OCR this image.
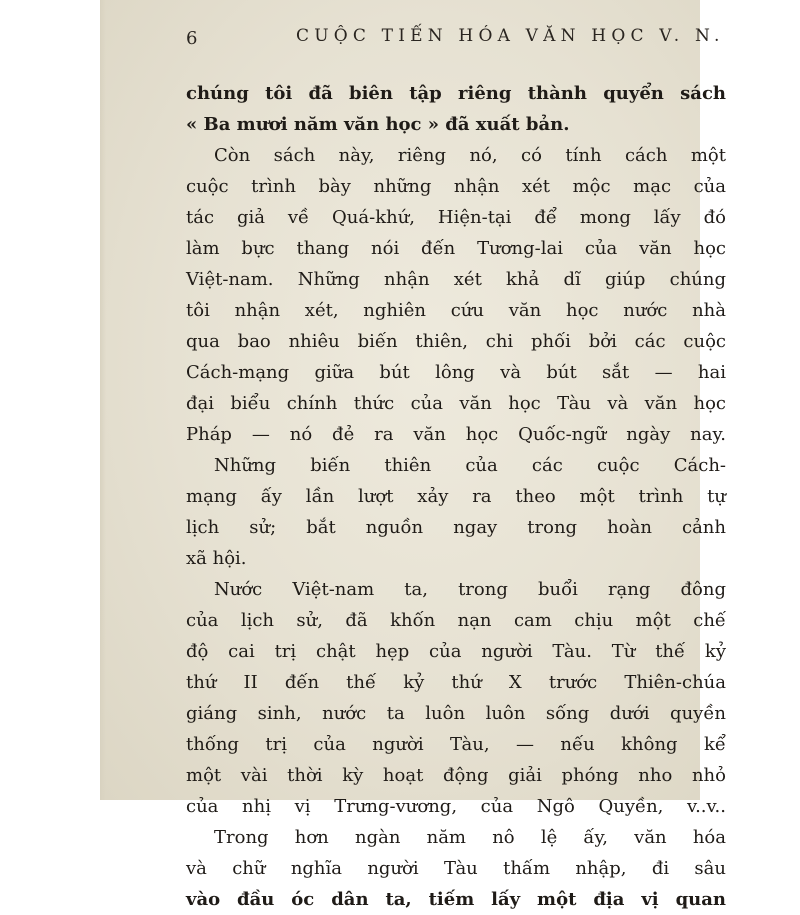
6	CUỘC TIẾN HÓA VĂN HỌC V. N.
chúng tôi đã biên tập riêng thành quyển sách
« Ba mươi năm văn học » đã xuất bản.
Còn sách này, riêng nó, có tính cách một
cuộc trình bày những nhận xét mộc mạc của
tác giả về Quá-khứ, Hiện-tại để mong lấy đó
làm bực thang nói đến Tương-lai của văn học
Việt-nam. Những nhận xét khả dĩ giúp chúng
tôi nhận xét, nghiên cứu văn học nước nhà
qua bao nhiêu biến thiên, chi phối bởi các cuộc
Cách-mạng giữa bút lông và bút sắt — hai
đại biểu chính thức của văn học Tàu và văn học
Pháp — nó đẻ ra văn học Quốc-ngữ ngày nay.
Những biến thiên của các cuộc Cách-
mạng ấy lần lượt xảy ra theo một trình tự
lịch sử; bắt nguồn ngay trong hoàn cảnh
xã hội.
Nước Việt-nam ta, trong buổi rạng đông
của lịch sử, đã khốn nạn cam chịu một chế
độ cai trị chật hẹp của người Tàu. Từ thế kỷ
thứ II đến thế kỷ thứ X trước Thiên-chúa
giáng sinh, nước ta luôn luôn sống dưới quyền
thống trị của người Tàu, — nếu không kể
một vài thời kỳ hoạt động giải phóng nho nhỏ
của nhị vị Trưng-vương, của Ngô Quyền, v..v..
Trong hơn ngàn năm nô lệ ấy, văn hóa
và chữ nghĩa người Tàu thấm nhập, đi sâu
vào đầu óc dân ta, tiếm lấy một địa vị quan
